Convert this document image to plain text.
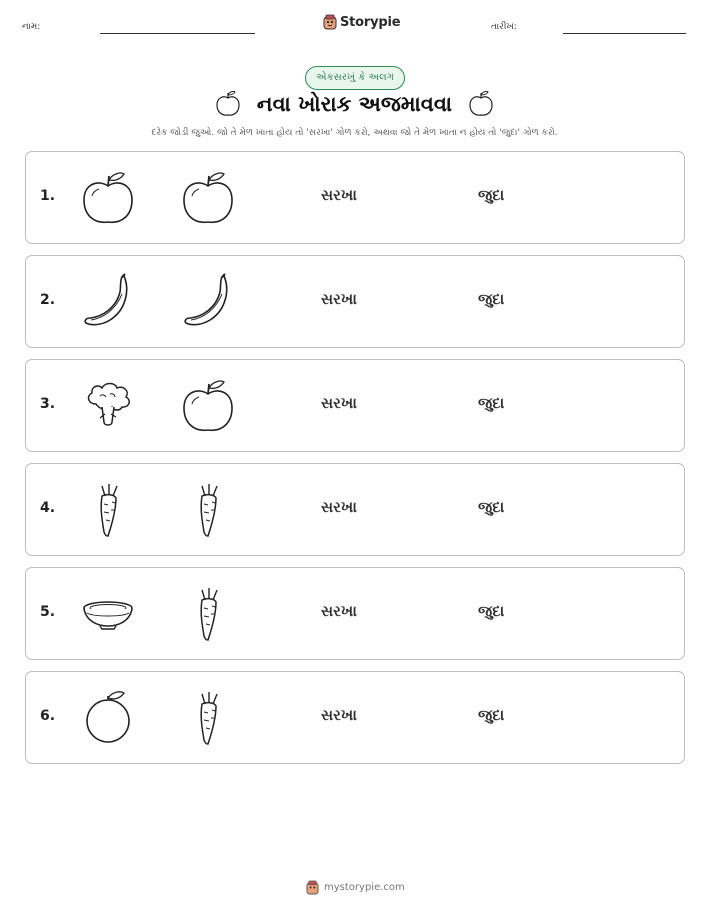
નામ:	Storypie	તારીખ:
એકસરખું કે અલગ
નવા ખોરાક અજમાવવા
દરેક જોડી જુઓ. જો તે મેળ ખાતા હોય તો 'સરખા' ગોળ કરો, અથવા જો તે મેળ ખાતા ન હોય તો 'જુદા' ગોળ કરો.
1.	સરખા	જુદા
2.	સરખા	જુદા
3.	સરખા	જુદા
4.	સરખા	જુદા
5.	સરખા	જુદા
6.	સરખા	જુદા
mystorypie.com
